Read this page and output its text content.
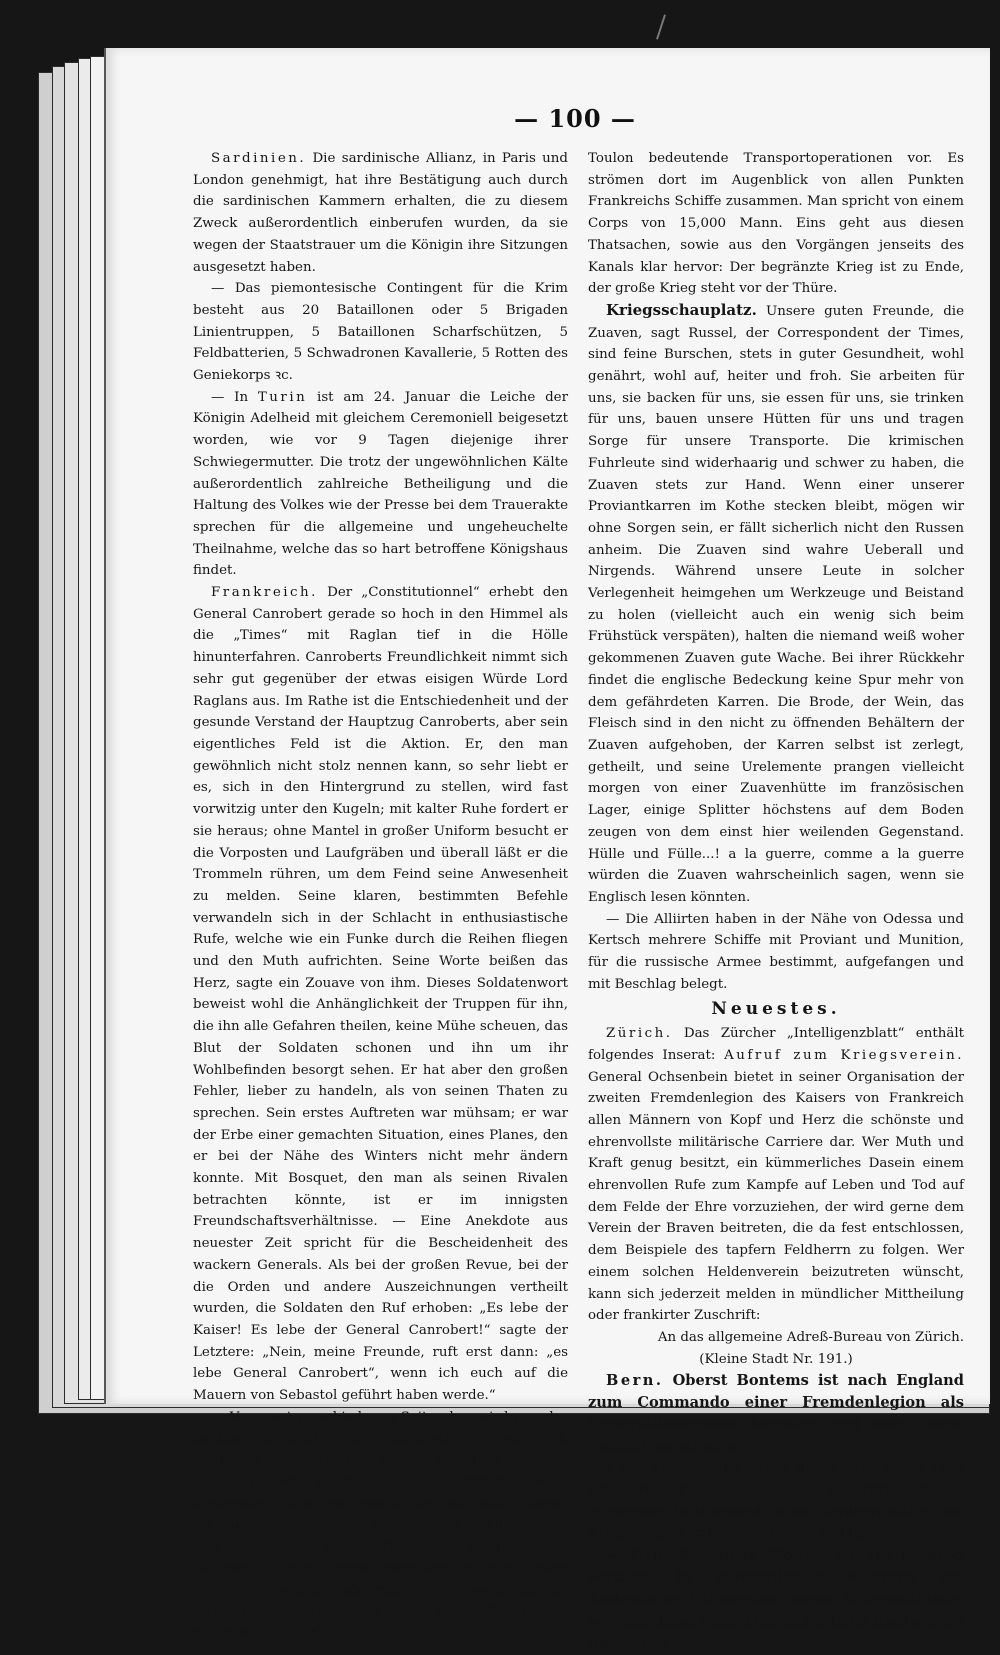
— 100 —

Sardinien. Die sardinische Allianz, in Paris und London genehmigt, hat ihre Bestätigung auch durch die sardinischen Kammern erhalten, die zu diesem Zweck außerordentlich einberufen wurden, da sie wegen der Staatstrauer um die Königin ihre Sitzungen ausgesetzt haben.

— Das piemontesische Contingent für die Krim besteht aus 20 Bataillonen oder 5 Brigaden Linientruppen, 5 Bataillonen Scharfschützen, 5 Feldbatterien, 5 Schwadronen Kavallerie, 5 Rotten des Geniekorps ꝛc.

— In Turin ist am 24. Januar die Leiche der Königin Adelheid mit gleichem Ceremoniell beigesetzt worden, wie vor 9 Tagen diejenige ihrer Schwiegermutter. Die trotz der ungewöhnlichen Kälte außerordentlich zahlreiche Betheiligung und die Haltung des Volkes wie der Presse bei dem Trauerakte sprechen für die allgemeine und ungeheuchelte Theilnahme, welche das so hart betroffene Königshaus findet.

Frankreich. Der „Constitutionnel“ erhebt den General Canrobert gerade so hoch in den Himmel als die „Times“ mit Raglan tief in die Hölle hinunterfahren. Canroberts Freundlichkeit nimmt sich sehr gut gegenüber der etwas eisigen Würde Lord Raglans aus. Im Rathe ist die Entschiedenheit und der gesunde Verstand der Hauptzug Canroberts, aber sein eigentliches Feld ist die Aktion. Er, den man gewöhnlich nicht stolz nennen kann, so sehr liebt er es, sich in den Hintergrund zu stellen, wird fast vorwitzig unter den Kugeln; mit kalter Ruhe fordert er sie heraus; ohne Mantel in großer Uniform besucht er die Vorposten und Laufgräben und überall läßt er die Trommeln rühren, um dem Feind seine Anwesenheit zu melden. Seine klaren, bestimmten Befehle verwandeln sich in der Schlacht in enthusiastische Rufe, welche wie ein Funke durch die Reihen fliegen und den Muth aufrichten. Seine Worte beißen das Herz, sagte ein Zouave von ihm. Dieses Soldatenwort beweist wohl die Anhänglichkeit der Truppen für ihn, die ihn alle Gefahren theilen, keine Mühe scheuen, das Blut der Soldaten schonen und ihn um ihr Wohlbefinden besorgt sehen. Er hat aber den großen Fehler, lieber zu handeln, als von seinen Thaten zu sprechen. Sein erstes Auftreten war mühsam; er war der Erbe einer gemachten Situation, eines Planes, den er bei der Nähe des Winters nicht mehr ändern konnte. Mit Bosquet, den man als seinen Rivalen betrachten könnte, ist er im innigsten Freundschaftsverhältnisse. — Eine Anekdote aus neuester Zeit spricht für die Bescheidenheit des wackern Generals. Als bei der großen Revue, bei der die Orden und andere Auszeichnungen vertheilt wurden, die Soldaten den Ruf erhoben: „Es lebe der Kaiser! Es lebe der General Canrobert!“ sagte der Letztere: „Nein, meine Freunde, ruft erst dann: „es lebe General Canrobert“, wenn ich euch auf die Mauern von Sebastol geführt haben werde.“

— Von zwei verschiedenen Seiten her wird nun der baldige Abmarsch einer französischen Armee nach Oestreich bestätigt. Die Stärke derselben wird — vielleicht etwas übertrieben — auf 200,000 Mann angegeben. Es scheint gewiß, daß die ganze Garde, bis auf ein einziges, in Paris zurückbleibendes Regiment an dem Feldzug theilnimmt. Die Bewegung soll bereits am 5. Februar beginnen. Es ist in hohem Grade merkwürdig, abermals die Schweiz als die wahrscheinliche Route nennen zu hören. Gleichzeitig bereiten sich auch in

Toulon bedeutende Transportoperationen vor. Es strömen dort im Augenblick von allen Punkten Frankreichs Schiffe zusammen. Man spricht von einem Corps von 15,000 Mann. Eins geht aus diesen Thatsachen, sowie aus den Vorgängen jenseits des Kanals klar hervor: Der begränzte Krieg ist zu Ende, der große Krieg steht vor der Thüre.

Kriegsschauplatz. Unsere guten Freunde, die Zuaven, sagt Russel, der Correspondent der Times, sind feine Burschen, stets in guter Gesundheit, wohl genährt, wohl auf, heiter und froh. Sie arbeiten für uns, sie backen für uns, sie essen für uns, sie trinken für uns, bauen unsere Hütten für uns und tragen Sorge für unsere Transporte. Die krimischen Fuhrleute sind widerhaarig und schwer zu haben, die Zuaven stets zur Hand. Wenn einer unserer Proviantkarren im Kothe stecken bleibt, mögen wir ohne Sorgen sein, er fällt sicherlich nicht den Russen anheim. Die Zuaven sind wahre Ueberall und Nirgends. Während unsere Leute in solcher Verlegenheit heimgehen um Werkzeuge und Beistand zu holen (vielleicht auch ein wenig sich beim Frühstück verspäten), halten die niemand weiß woher gekommenen Zuaven gute Wache. Bei ihrer Rückkehr findet die englische Bedeckung keine Spur mehr von dem gefährdeten Karren. Die Brode, der Wein, das Fleisch sind in den nicht zu öffnenden Behältern der Zuaven aufgehoben, der Karren selbst ist zerlegt, getheilt, und seine Urelemente prangen vielleicht morgen von einer Zuavenhütte im französischen Lager, einige Splitter höchstens auf dem Boden zeugen von dem einst hier weilenden Gegenstand. Hülle und Fülle...! a la guerre, comme a la guerre würden die Zuaven wahrscheinlich sagen, wenn sie Englisch lesen könnten.

— Die Alliirten haben in der Nähe von Odessa und Kertsch mehrere Schiffe mit Proviant und Munition, für die russische Armee bestimmt, aufgefangen und mit Beschlag belegt.

Neuestes.

Zürich. Das Zürcher „Intelligenzblatt“ enthält folgendes Inserat: Aufruf zum Kriegsverein. General Ochsenbein bietet in seiner Organisation der zweiten Fremdenlegion des Kaisers von Frankreich allen Männern von Kopf und Herz die schönste und ehrenvollste militärische Carriere dar. Wer Muth und Kraft genug besitzt, ein kümmerliches Dasein einem ehrenvollen Rufe zum Kampfe auf Leben und Tod auf dem Felde der Ehre vorzuziehen, der wird gerne dem Verein der Braven beitreten, die da fest entschlossen, dem Beispiele des tapfern Feldherrn zu folgen. Wer einem solchen Heldenverein beizutreten wünscht, kann sich jederzeit melden in mündlicher Mittheilung oder frankirter Zuschrift:

An das allgemeine Adreß-Bureau von Zürich.

(Kleine Stadt Nr. 191.)

Bern. Oberst Bontems ist nach England zum Commando einer Fremdenlegion als Generallieutenant berufen und wird ohne Zweifel annehmen.

London, 27. Jan. Nach den Erörterungen Lord John Russells über seinen Rücktritt erklärte Palmerston, beistimmend: es sei allerdings nöthig, den Krieg mit größerm Nachdruck zu verfolgen.

— Hrn. Roebucks Motion ist auf Montag vertagt. In sämmtlichen Blättern die Andeutung: Palmerston werde Kriegsminister werden. Eine neue Depesche Lord Raglans ist unwichtig.
